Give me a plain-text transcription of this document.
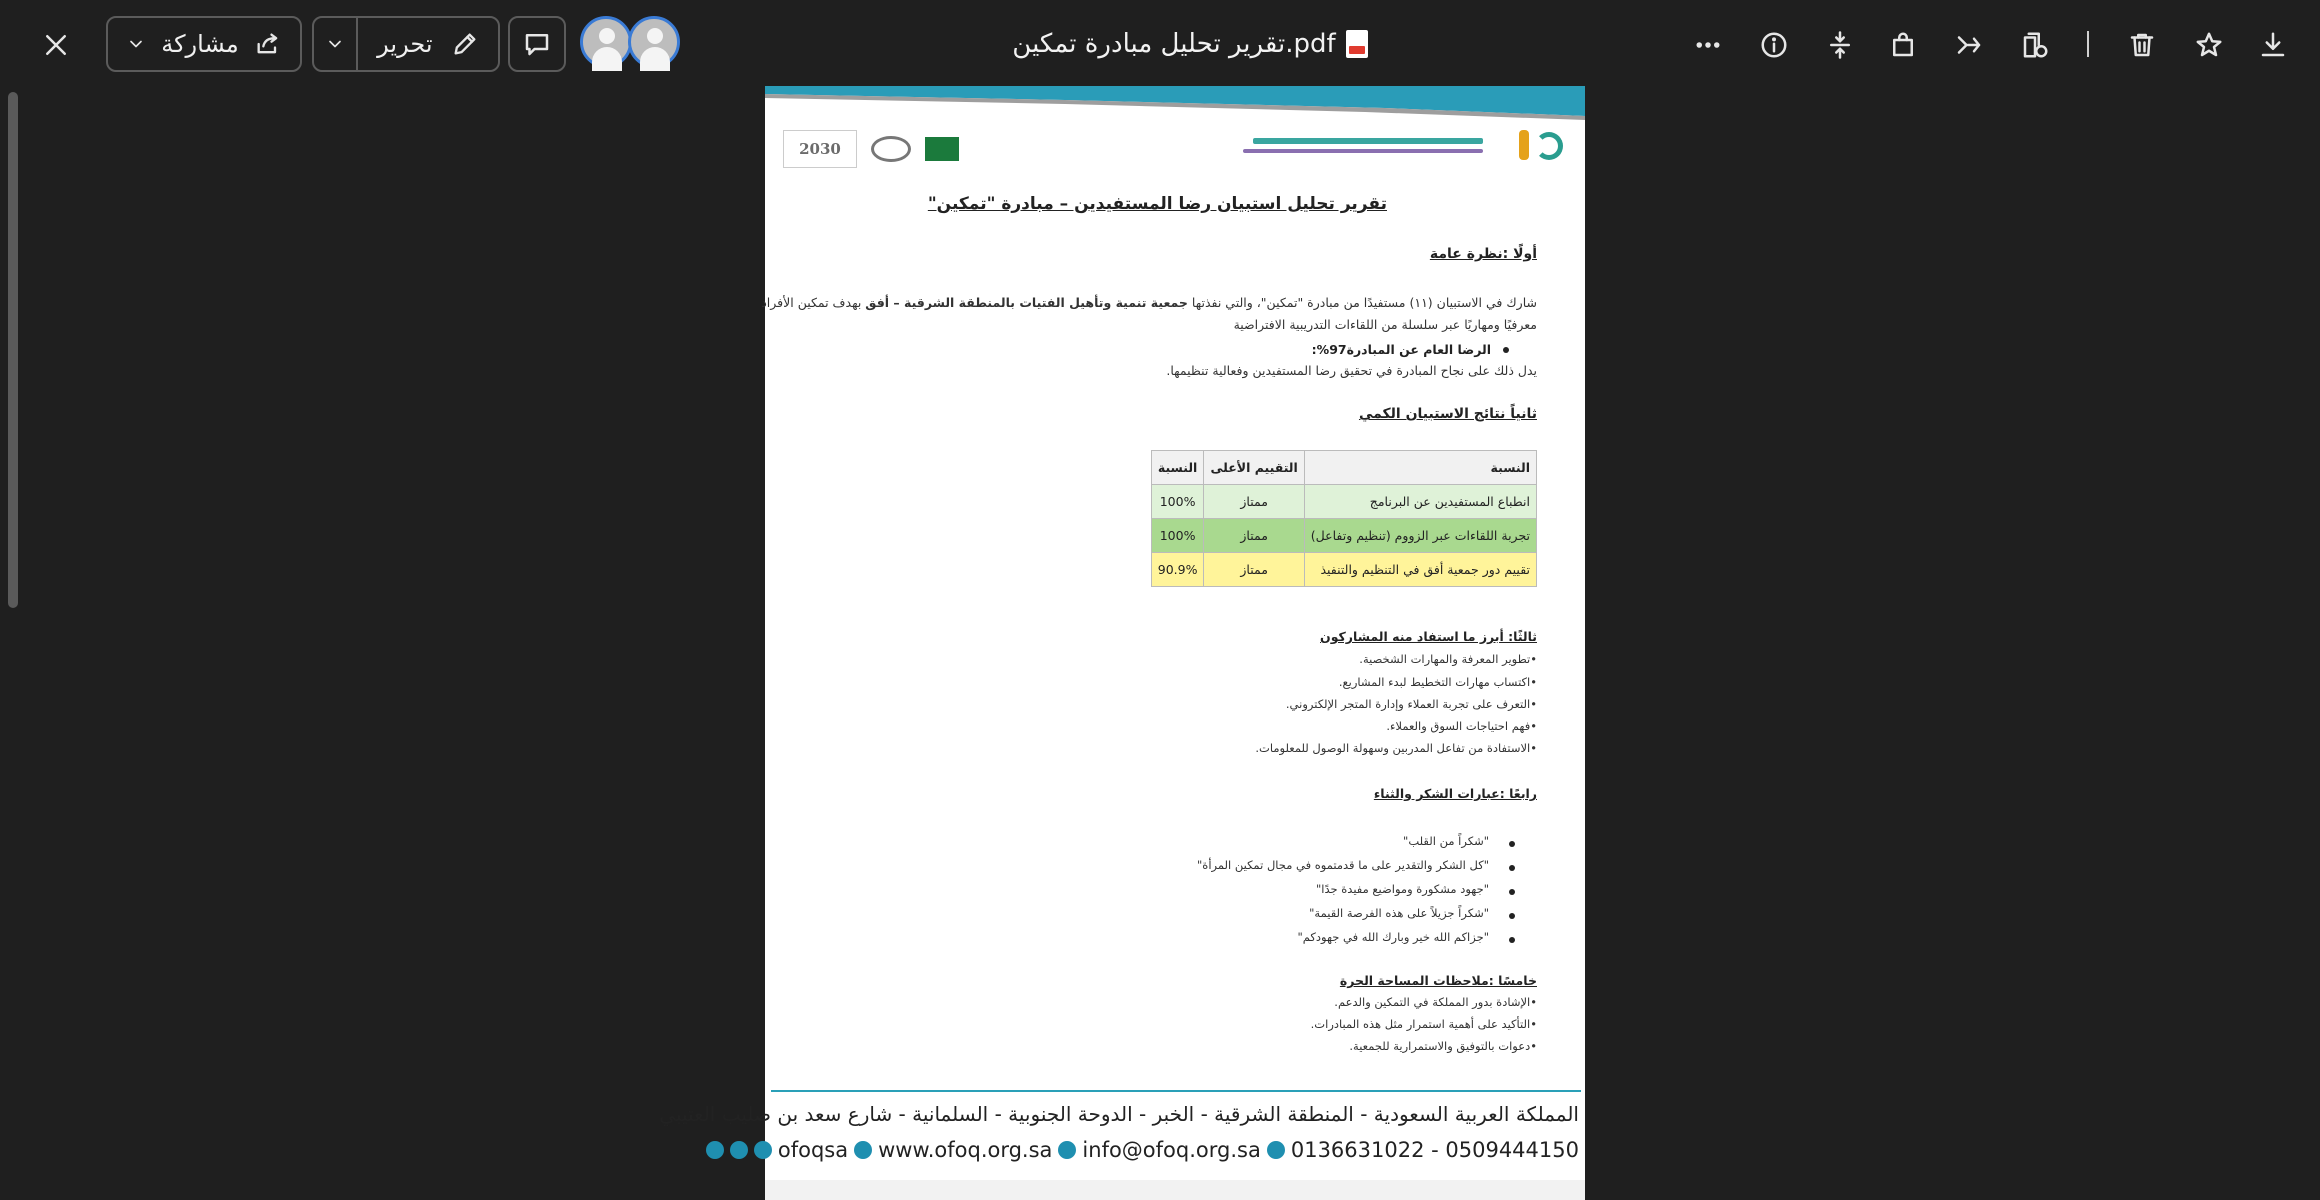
مشاركة	تحرير	تقرير تحليل مبادرة تمكين.pdf
2030
تقرير تحليل استبيان رضا المستفيدين – مبادرة "تمكين"
أولًا :نظرة عامة
شارك في الاستبيان (١١) مستفيدًا من مبادرة "تمكين"، والتي نفذتها جمعية تنمية وتأهيل الفتيات بالمنطقة الشرقية – أفق بهدف تمكين الأفراد
معرفيًا ومهاريًا عبر سلسلة من اللقاءات التدريبية الافتراضية
الرضا العام عن المبادرة97%:
يدل ذلك على نجاح المبادرة في تحقيق رضا المستفيدين وفعالية تنظيمها.
ثانياً نتائج الاستبيان الكمي
النسبة	التقييم الأعلى	النسبة
انطباع المستفيدين عن البرنامج	ممتاز	100%
تجربة اللقاءات عبر الزووم (تنظيم وتفاعل)	ممتاز	100%
تقييم دور جمعية أفق في التنظيم والتنفيذ	ممتاز	90.9%
ثالثًا: أبرز ما استفاد منه المشاركون
•تطوير المعرفة والمهارات الشخصية.
•اكتساب مهارات التخطيط لبدء المشاريع.
•التعرف على تجربة العملاء وإدارة المتجر الإلكتروني.
•فهم احتياجات السوق والعملاء.
•الاستفادة من تفاعل المدربين وسهولة الوصول للمعلومات.
رابعًا :عبارات الشكر والثناء
"شكراً من القلب"
"كل الشكر والتقدير على ما قدمتموه في مجال تمكين المرأة"
"جهود مشكورة ومواضيع مفيدة جدًا"
"شكراً جزيلاً على هذه الفرصة القيمة"
"جزاكم الله خير وبارك الله في جهودكم"
خامسًا :ملاحظات المساحة الحرة
•الإشادة بدور المملكة في التمكين والدعم.
•التأكيد على أهمية استمرار مثل هذه المبادرات.
•دعوات بالتوفيق والاستمرارية للجمعية.
المملكة العربية السعودية - المنطقة الشرقية - الخبر - الدوحة الجنوبية - السلمانية - شارع سعد بن صليب العتيبي
ofoqsa www.ofoq.org.sa info@ofoq.org.sa 0136631022 - 0509444150
